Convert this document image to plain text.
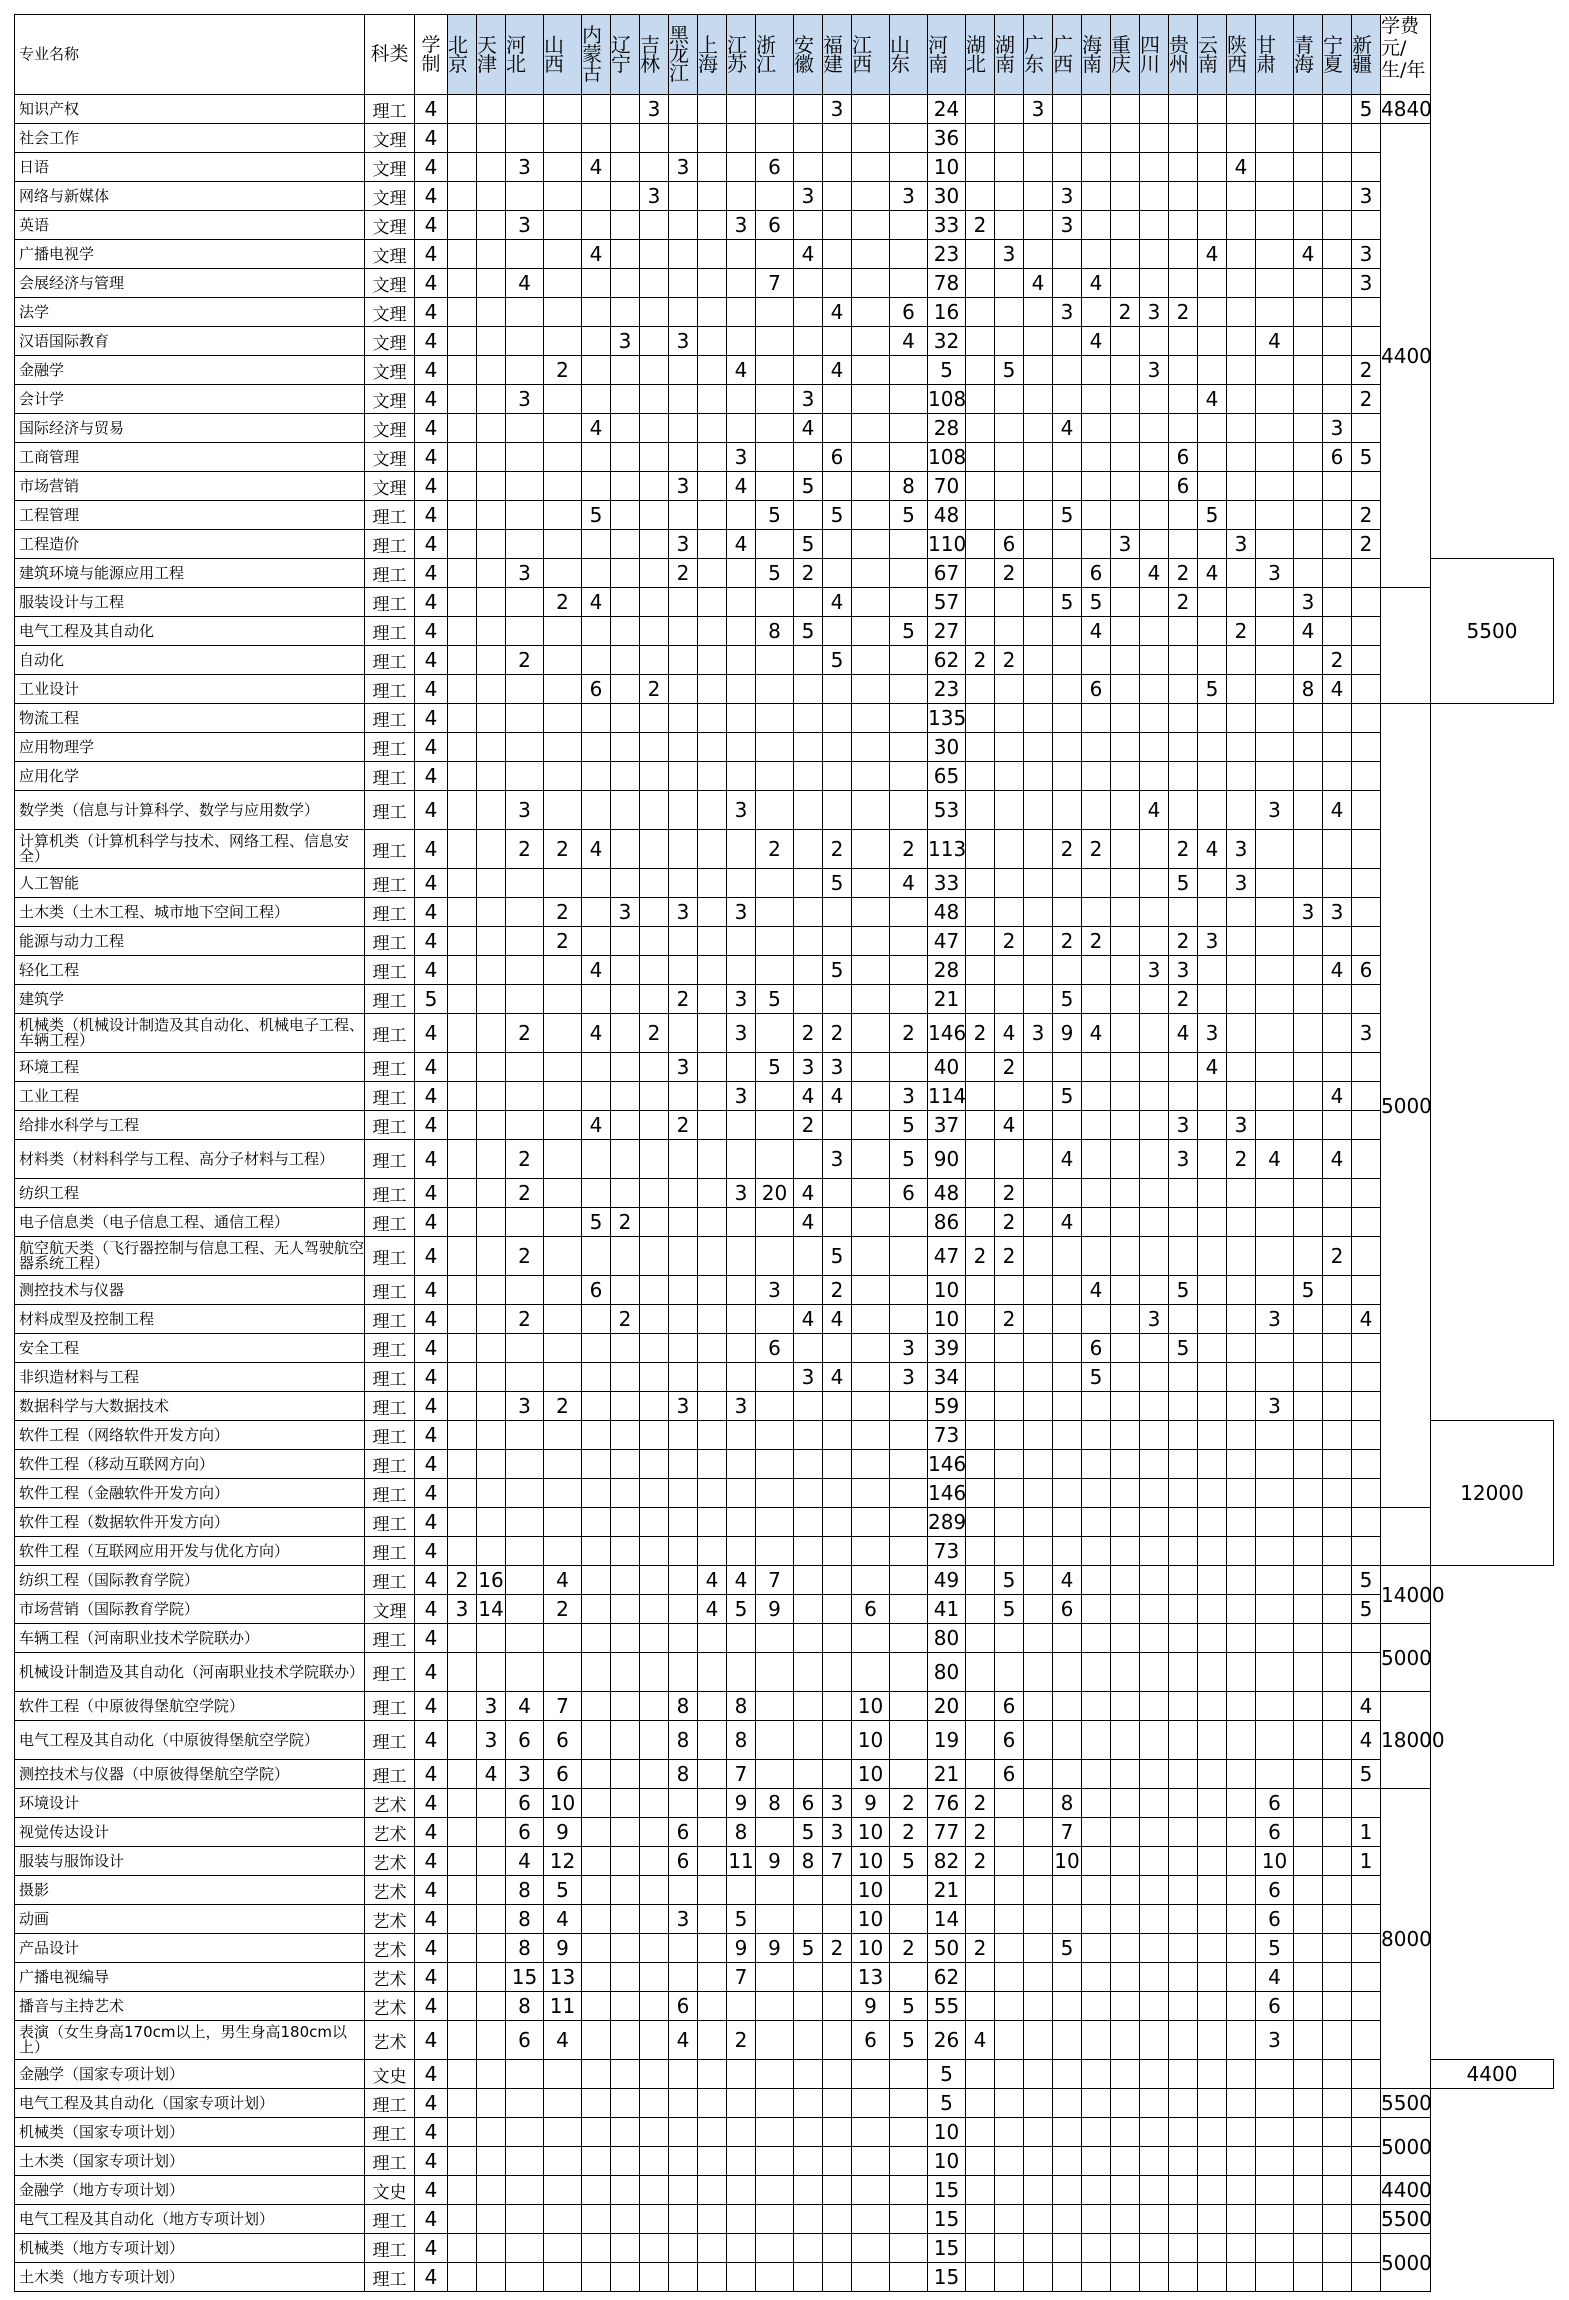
专业名称	科类	学制	北京	天津	河北	山西	内蒙古	辽宁	吉林	黑龙江	上海	江苏	浙江	安徽	福建	江西	山东	河南	湖北	湖南	广东	广西	海南	重庆	四川	贵州	云南	陕西	甘肃	青海	宁夏	新疆	学费元/生/年	
知识产权	理工	4							3						3			24			3											5	4840	
社会工作	文理	4																36															4400	
日语	文理	4			3		4			3			6					10										4						
网络与新媒体	文理	4							3					3			3	30				3										3		
英语	文理	4			3							3	6					33	2			3												
广播电视学	文理	4					4							4				23		3							4			4		3		
会展经济与管理	文理	4			4								7					78			4		4									3		
法学	文理	4													4		6	16				3		2	3	2								
汉语国际教育	文理	4						3		3							4	32					4						4					
金融学	文理	4				2						4			4			5		5					3							2		
会计学	文理	4			3									3				108									4					2		
国际经济与贸易	文理	4					4							4				28				4									3			
工商管理	文理	4										3			6			108								6					6	5		
市场营销	文理	4								3		4		5			8	70								6								
工程管理	理工	4					5						5		5		5	48				5					5					2		
工程造价	理工	4								3		4		5				110		6				3				3				2		
建筑环境与能源应用工程	理工	4			3					2			5	2				67		2			6		4	2	4		3					5500
服装设计与工程	理工	4				2	4								4			57				5	5			2				3				
电气工程及其自动化	理工	4											8	5			5	27					4					2		4				
自动化	理工	4			2										5			62	2	2											2			
工业设计	理工	4					6		2									23					6				5			8	4			
物流工程	理工	4																135															5000	
应用物理学	理工	4																30																
应用化学	理工	4																65																
数学类（信息与计算科学、数学与应用数学）	理工	4			3							3						53							4				3		4			
计算机类（计算机科学与技术、网络工程、信息安全）	理工	4			2	2	4						2		2		2	113				2	2			2	4	3						
人工智能	理工	4													5		4	33								5		3						
土木类（土木工程、城市地下空间工程）	理工	4				2		3		3		3						48												3	3			
能源与动力工程	理工	4				2												47		2		2	2			2	3							
轻化工程	理工	4					4								5			28							3	3					4	6		
建筑学	理工	5								2		3	5					21				5				2								
机械类（机械设计制造及其自动化、机械电子工程、车辆工程）	理工	4			2		4		2			3		2	2		2	146	2	4	3	9	4			4	3					3		
环境工程	理工	4								3			5	3	3			40		2							4							
工业工程	理工	4										3		4	4		3	114				5									4			
给排水科学与工程	理工	4					4			2				2			5	37		4						3		3						
材料类（材料科学与工程、高分子材料与工程）	理工	4			2										3		5	90				4				3		2	4		4			
纺织工程	理工	4			2							3	20	4			6	48		2														
电子信息类（电子信息工程、通信工程）	理工	4					5	2						4				86		2		4												
航空航天类（飞行器控制与信息工程、无人驾驶航空器系统工程）	理工	4			2										5			47	2	2											2			
测控技术与仪器	理工	4					6						3		2			10					4			5				5				
材料成型及控制工程	理工	4			2			2						4	4			10		2					3				3			4		
安全工程	理工	4											6				3	39					6			5								
非织造材料与工程	理工	4												3	4		3	34					5											
数据科学与大数据技术	理工	4			3	2				3		3						59											3					
软件工程（网络软件开发方向）	理工	4																73																12000
软件工程（移动互联网方向）	理工	4																146																
软件工程（金融软件开发方向）	理工	4																146																
软件工程（数据软件开发方向）	理工	4																289																
软件工程（互联网应用开发与优化方向）	理工	4																73																
纺织工程（国际教育学院）	理工	4	2	16		4					4	4	7					49		5		4										5	14000	
市场营销（国际教育学院）	文理	4	3	14		2					4	5	9			6		41		5		6										5		
车辆工程（河南职业技术学院联办）	理工	4																80															5000	
机械设计制造及其自动化（河南职业技术学院联办）	理工	4																80																
软件工程（中原彼得堡航空学院）	理工	4		3	4	7				8		8				10		20		6												4	18000	
电气工程及其自动化（中原彼得堡航空学院）	理工	4		3	6	6				8		8				10		19		6												4		
测控技术与仪器（中原彼得堡航空学院）	理工	4		4	3	6				8		7				10		21		6												5		
环境设计	艺术	4			6	10						9	8	6	3	9	2	76	2			8							6				8000	
视觉传达设计	艺术	4			6	9				6		8		5	3	10	2	77	2			7							6			1		
服装与服饰设计	艺术	4			4	12				6		11	9	8	7	10	5	82	2			10							10			1		
摄影	艺术	4			8	5										10		21											6					
动画	艺术	4			8	4				3		5				10		14											6					
产品设计	艺术	4			8	9						9	9	5	2	10	2	50	2			5							5					
广播电视编导	艺术	4			15	13						7				13		62											4					
播音与主持艺术	艺术	4			8	11				6						9	5	55											6					
表演（女生身高170cm以上，男生身高180cm以上）	艺术	4			6	4				4		2				6	5	26	4										3					
金融学（国家专项计划）	文史	4																5																4400
电气工程及其自动化（国家专项计划）	理工	4																5															5500	
机械类（国家专项计划）	理工	4																10															5000	
土木类（国家专项计划）	理工	4																10																
金融学（地方专项计划）	文史	4																15															4400	
电气工程及其自动化（地方专项计划）	理工	4																15															5500	
机械类（地方专项计划）	理工	4																15															5000	
土木类（地方专项计划）	理工	4																15																
